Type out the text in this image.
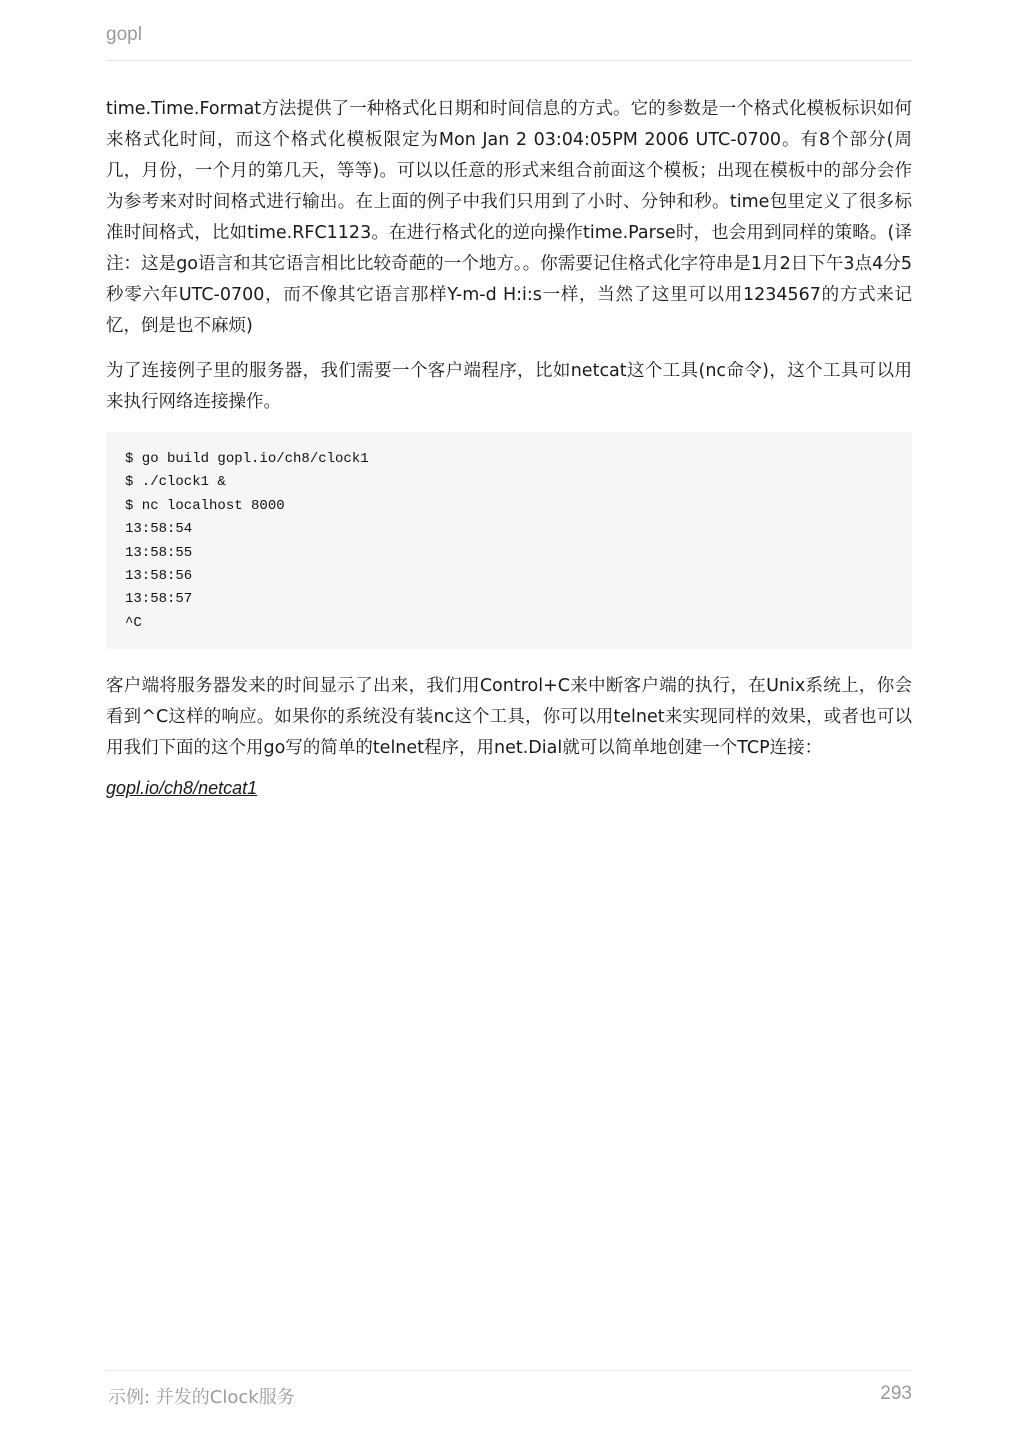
gopl

time.Time.Format方法提供了一种格式化日期和时间信息的方式。它的参数是一个格式化模板标识如何来格式化时间，而这个格式化模板限定为Mon Jan 2 03:04:05PM 2006 UTC-0700。有8个部分(周几，月份，一个月的第几天，等等)。可以以任意的形式来组合前面这个模板；出现在模板中的部分会作为参考来对时间格式进行输出。在上面的例子中我们只用到了小时、分钟和秒。time包里定义了很多标准时间格式，比如time.RFC1123。在进行格式化的逆向操作time.Parse时，也会用到同样的策略。(译注：这是go语言和其它语言相比比较奇葩的一个地方。。你需要记住格式化字符串是1月2日下午3点4分5秒零六年UTC-0700，而不像其它语言那样Y-m-d H:i:s一样，当然了这里可以用1234567的方式来记忆，倒是也不麻烦)

为了连接例子里的服务器，我们需要一个客户端程序，比如netcat这个工具(nc命令)，这个工具可以用来执行网络连接操作。

$ go build gopl.io/ch8/clock1
$ ./clock1 &
$ nc localhost 8000
13:58:54
13:58:55
13:58:56
13:58:57
^C

客户端将服务器发来的时间显示了出来，我们用Control+C来中断客户端的执行，在Unix系统上，你会看到^C这样的响应。如果你的系统没有装nc这个工具，你可以用telnet来实现同样的效果，或者也可以用我们下面的这个用go写的简单的telnet程序，用net.Dial就可以简单地创建一个TCP连接：

gopl.io/ch8/netcat1
示例: 并发的Clock服务	293
